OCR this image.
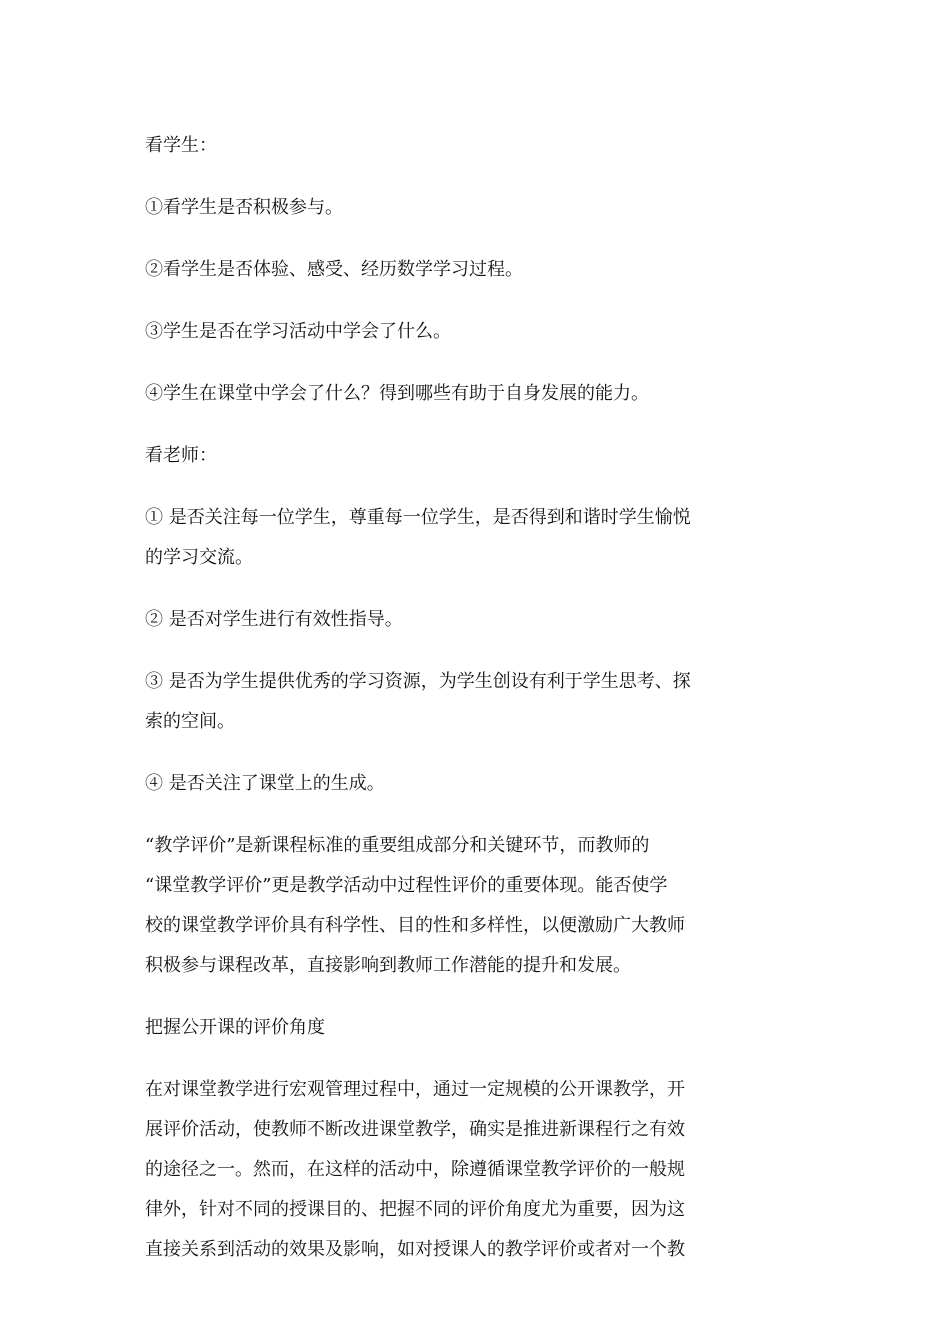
看学生：

①看学生是否积极参与。

②看学生是否体验、感受、经历数学学习过程。

③学生是否在学习活动中学会了什么。

④学生在课堂中学会了什么？得到哪些有助于自身发展的能力。

看老师：

① 是否关注每一位学生，尊重每一位学生，是否得到和谐时学生愉悦
的学习交流。

② 是否对学生进行有效性指导。

③ 是否为学生提供优秀的学习资源，为学生创设有利于学生思考、探
索的空间。

④ 是否关注了课堂上的生成。

“教学评价”是新课程标准的重要组成部分和关键环节，而教师的
“课堂教学评价”更是教学活动中过程性评价的重要体现。能否使学
校的课堂教学评价具有科学性、目的性和多样性，以便激励广大教师
积极参与课程改革，直接影响到教师工作潜能的提升和发展。

把握公开课的评价角度

在对课堂教学进行宏观管理过程中，通过一定规模的公开课教学，开
展评价活动，使教师不断改进课堂教学，确实是推进新课程行之有效
的途径之一。然而，在这样的活动中，除遵循课堂教学评价的一般规
律外，针对不同的授课目的、把握不同的评价角度尤为重要，因为这
直接关系到活动的效果及影响，如对授课人的教学评价或者对一个教
